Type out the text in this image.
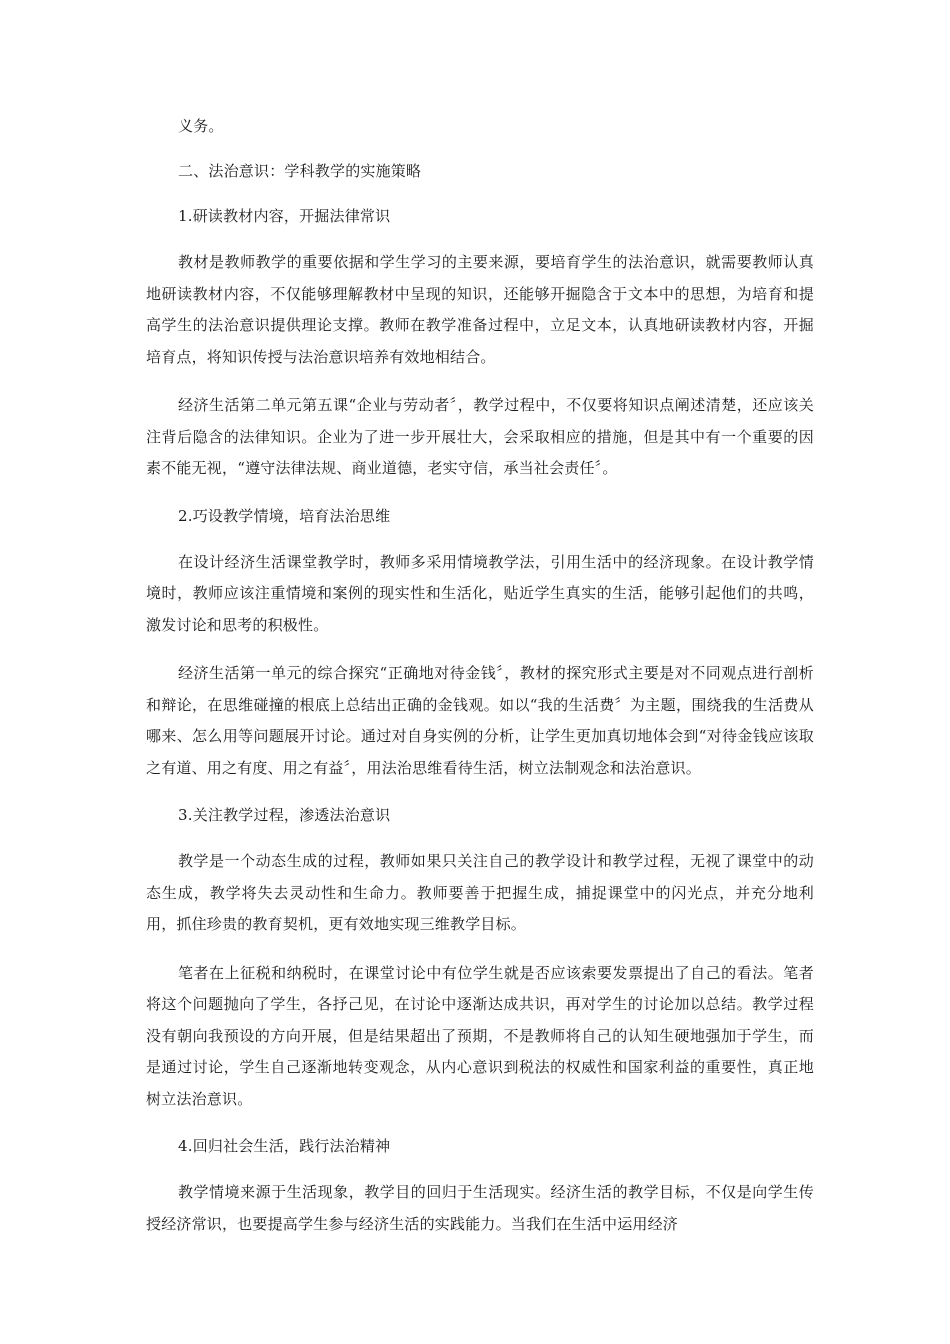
义务。

二、法治意识：学科教学的实施策略
1.研读教材内容，开掘法律常识

教材是教师教学的重要依据和学生学习的主要来源，要培育学生的法治意识，就需要教师认真地研读教材内容，不仅能够理解教材中呈现的知识，还能够开掘隐含于文本中的思想，为培育和提高学生的法治意识提供理论支撑。教师在教学准备过程中，立足文本，认真地研读教材内容，开掘培育点，将知识传授与法治意识培养有效地相结合。

经济生活第二单元第五课“企业与劳动者〞，教学过程中，不仅要将知识点阐述清楚，还应该关注背后隐含的法律知识。企业为了进一步开展壮大，会采取相应的措施，但是其中有一个重要的因素不能无视，“遵守法律法规、商业道德，老实守信，承当社会责任〞。

2.巧设教学情境，培育法治思维

在设计经济生活课堂教学时，教师多采用情境教学法，引用生活中的经济现象。在设计教学情境时，教师应该注重情境和案例的现实性和生活化，贴近学生真实的生活，能够引起他们的共鸣，激发讨论和思考的积极性。

经济生活第一单元的综合探究“正确地对待金钱〞，教材的探究形式主要是对不同观点进行剖析和辩论，在思维碰撞的根底上总结出正确的金钱观。如以“我的生活费〞为主题，围绕我的生活费从哪来、怎么用等问题展开讨论。通过对自身实例的分析，让学生更加真切地体会到“对待金钱应该取之有道、用之有度、用之有益〞，用法治思维看待生活，树立法制观念和法治意识。

3.关注教学过程，渗透法治意识

教学是一个动态生成的过程，教师如果只关注自己的教学设计和教学过程，无视了课堂中的动态生成，教学将失去灵动性和生命力。教师要善于把握生成，捕捉课堂中的闪光点，并充分地利用，抓住珍贵的教育契机，更有效地实现三维教学目标。

笔者在上征税和纳税时，在课堂讨论中有位学生就是否应该索要发票提出了自己的看法。笔者将这个问题抛向了学生，各抒己见，在讨论中逐渐达成共识，再对学生的讨论加以总结。教学过程没有朝向我预设的方向开展，但是结果超出了预期，不是教师将自己的认知生硬地强加于学生，而是通过讨论，学生自己逐渐地转变观念，从内心意识到税法的权威性和国家利益的重要性，真正地树立法治意识。

4.回归社会生活，践行法治精神

教学情境来源于生活现象，教学目的回归于生活现实。经济生活的教学目标，不仅是向学生传授经济常识，也要提高学生参与经济生活的实践能力。当我们在生活中运用经济
